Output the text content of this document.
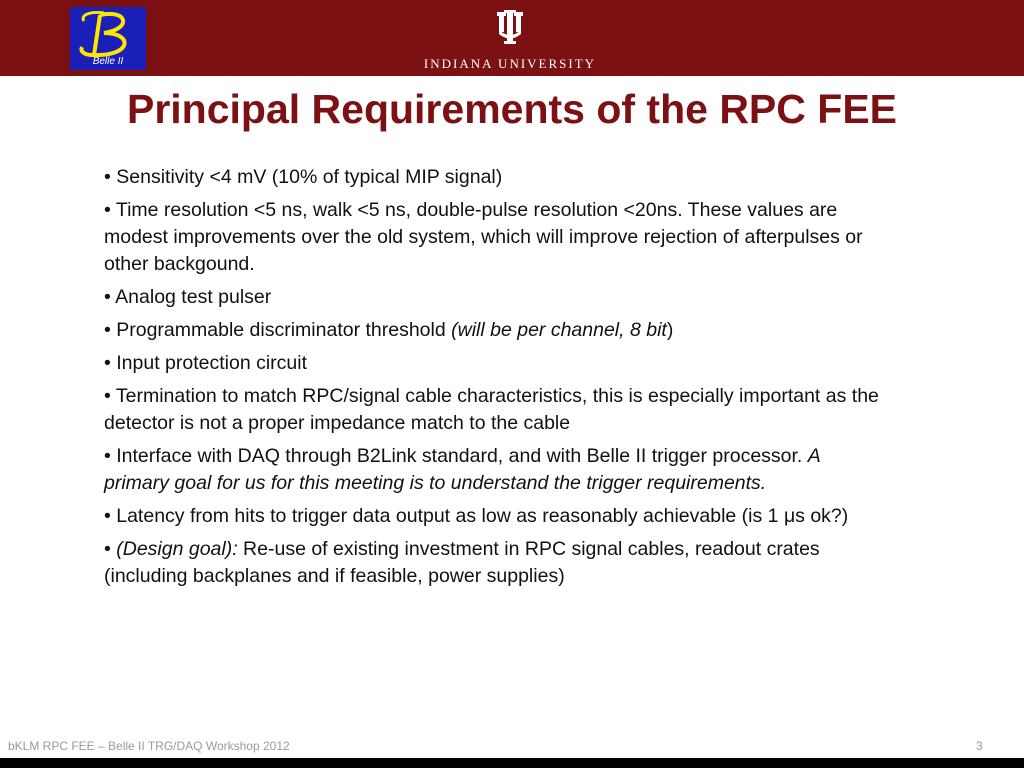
Belle II	INDIANA UNIVERSITY
Principal Requirements of the RPC FEE
• Sensitivity <4 mV (10% of typical MIP signal)
• Time resolution <5 ns, walk <5 ns, double-pulse resolution <20ns. These values are modest improvements over the old system, which will improve rejection of afterpulses or other backgound.
• Analog test pulser
• Programmable discriminator threshold (will be per channel, 8 bit)
• Input protection circuit
• Termination to match RPC/signal cable characteristics, this is especially important as the detector is not a proper impedance match to the cable
• Interface with DAQ through B2Link standard, and with Belle II trigger processor. A primary goal for us for this meeting is to understand the trigger requirements.
• Latency from hits to trigger data output as low as reasonably achievable (is 1 μs ok?)
• (Design goal): Re-use of existing investment in RPC signal cables, readout crates (including backplanes and if feasible, power supplies)
bKLM RPC FEE – Belle II TRG/DAQ Workshop 2012	3
